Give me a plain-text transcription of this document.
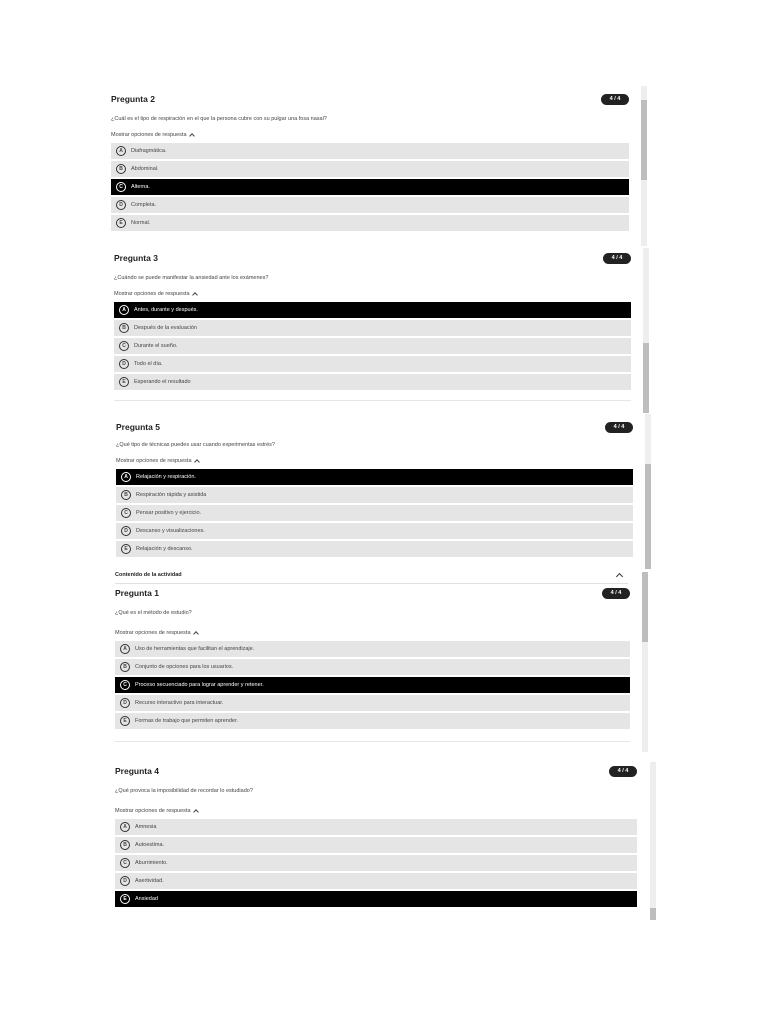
Pregunta 2	4 / 4
¿Cuál es el tipo de respiración en el que la persona cubre con su pulgar una fosa nasal?
Mostrar opciones de respuesta
A	Diafragmática.
B	Abdominal.
C	Alterna.
D	Completa.
E	Normal.
Pregunta 3	4 / 4
¿Cuándo se puede manifestar la ansiedad ante los exámenes?
Mostrar opciones de respuesta
A	Antes, durante y después.
B	Después de la evaluación
C	Durante el sueño.
D	Todo el día.
E	Esperando el resultado
Pregunta 5	4 / 4
¿Qué tipo de técnicas puedes usar cuando experimentas estrés?
Mostrar opciones de respuesta
A	Relajación y respiración.
B	Respiración rápida y asistida
C	Pensar positivo y ejercicio.
D	Descanso y visualizaciones.
E	Relajación y descanso.
Contenido de la actividad
Pregunta 1	4 / 4
¿Qué es el método de estudio?
Mostrar opciones de respuesta
A	Uso de herramientas que facilitan el aprendizaje.
B	Conjunto de opciones para los usuarios.
C	Proceso secuenciado para lograr aprender y retener.
D	Recurso interactivo para interactuar.
E	Formas de trabajo que permiten aprender.
Pregunta 4	4 / 4
¿Qué provoca la imposibilidad de recordar lo estudiado?
Mostrar opciones de respuesta
A	Amnesia
B	Autoestima.
C	Aburrimiento.
D	Asertividad.
E	Ansiedad
